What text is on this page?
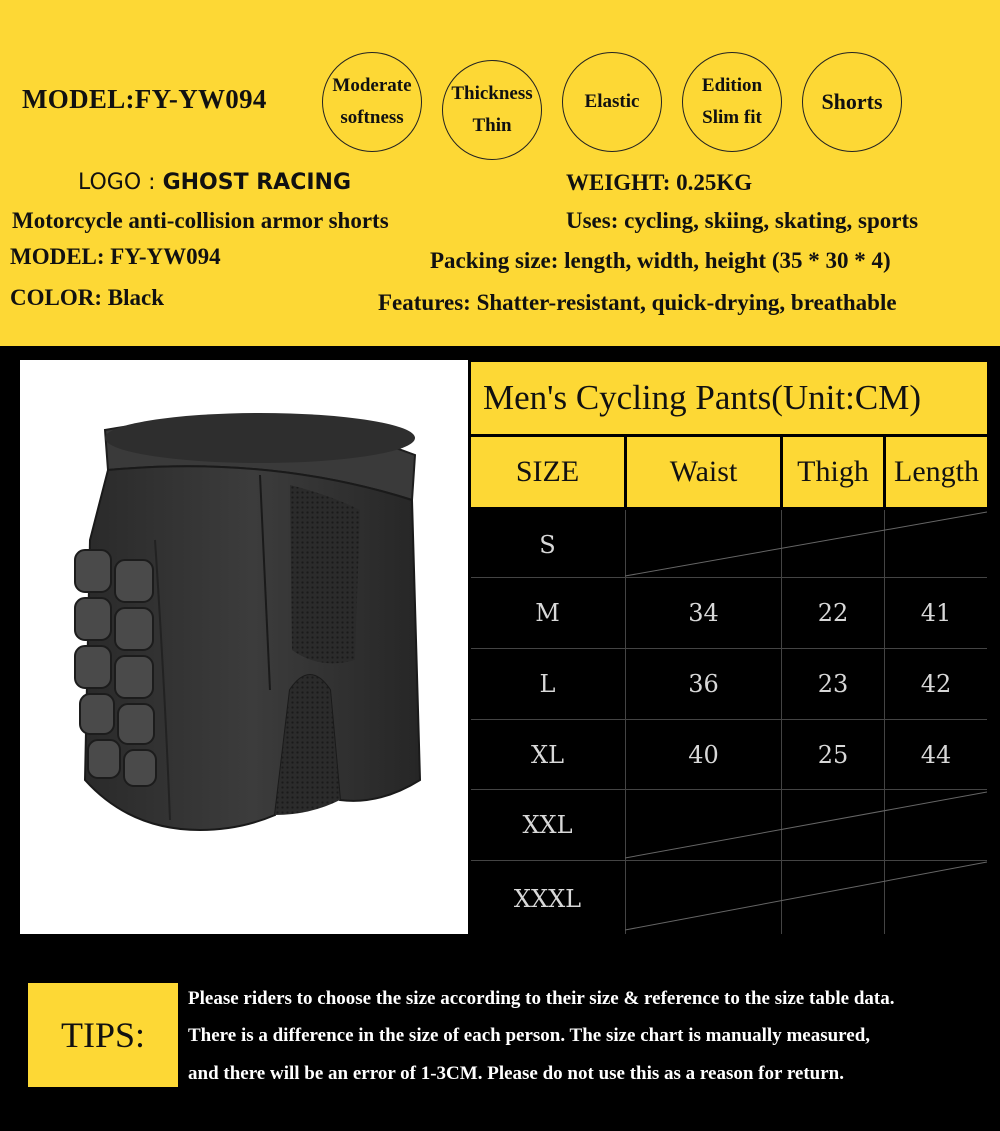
MODEL:FY-YW094	Moderate
softness
Thickness
Thin
Elastic
Edition
Slim fit
Shorts
LOGO : GHOST RACING
Motorcycle anti-collision armor shorts
MODEL: FY-YW094
COLOR: Black
WEIGHT: 0.25KG
Uses: cycling, skiing, skating, sports
Packing size: length, width, height (35 * 30 * 4)
Features: Shatter-resistant, quick-drying, breathable
Men's Cycling Pants(Unit:CM)
SIZE	Waist	Thigh Length
S
M	34	22	41
L	36	23	42
XL	40	25	44
XXL
XXXL
TIPS:
Please riders to choose the size according to their size & reference to the size table data.
There is a difference in the size of each person. The size chart is manually measured,
and there will be an error of 1-3CM. Please do not use this as a reason for return.
